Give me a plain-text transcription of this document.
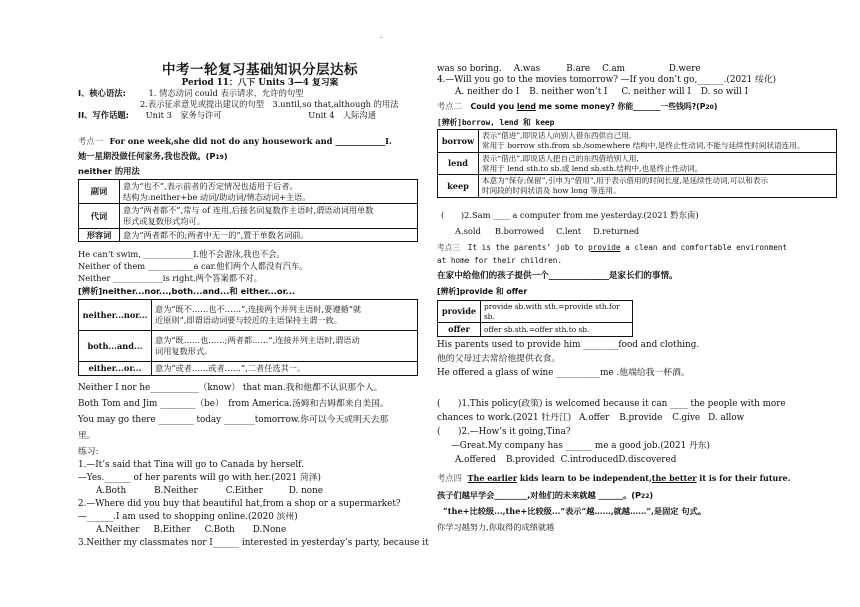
·
中考一轮复习基础知识分层达标
Period 11：八下 Units 3—4 复习案
I、核心语法:	1. 情态动词 could 表示请求、允许的句型
2.表示征求意见或提出建议的句型　3.until,so that,although 的用法
II、写作话题: Unit 3　家务与许可	Unit 4　人际沟通
考点一 For one week,she did not do any housework and ____________I.
她一星期没做任何家务,我也没做。(P19)
neither 的用法
副词	意为“也不”,表示前者的否定情况也适用于后者。
结构为:neither+be 动词/助动词/情态动词+主语。

代词	意为“两者都不”,常与 of 连用,后接名词复数作主语时,谓语动词用单数
形式或复数形式均可。

形容词	意为“两者都不的;两者中无一的”,置于单数名词前。
He can’t swim, ____________I.他不会游泳,我也不会。
Neither of them ___________a car.他们两个人都没有汽车。
Neither ____________is right.两个答案都不对。
[辨析]neither...nor...,both...and...和 either...or...
neither...nor...	意为“既不……也不……”,连接两个并列主语时,要遵循“就
近原则”,即谓语动词要与较近的主语保持主谓一致。

both...and...	意为“既……也……;两者都……”,连接并列主语时,谓语动
词用复数形式。

either...or...	意为“或者……或者……”,二者任选其一。
Neither I nor he___________（know） that man.我和他都不认识那个人。
Both Tom and Jim ________（be）　from America.汤姆和吉姆都来自美国。
You may go there ________ today _______tomorrow.你可以今天或明天去那
里。
练习:
1.—It’s said that Tina will go to Canada by herself.
—Yes.______ of her parents will go with her.(2021 菏泽)
A.Both	B.Neither	C.Either	D. none
2.—Where did you buy that beautiful hat,from a shop or a supermarket?
—______.I am used to shopping online.(2020 滨州)
A.Neither B.Either C.Both D.None
3.Neither my classmates nor I______ interested in yesterday’s party, because it
was so boring. A.was	B.are C.am	D.were
4.—Will you go to the movies tomorrow? —If you don’t go,______.(2021 绥化)
A. neither do I B. neither won’t I C. neither will I D. so will I
考点二 Could you lend me some money? 你能_______一些钱吗?(P20)
[辨析]borrow, lend 和 keep
borrow	表示“借进”,即说话人向别人借东西供自己用,
常用于 borrow sth.from sb./somewhere 结构中,是终止性动词,不能与延续性时间状语连用。

lend	表示“借出”,即说话人把自己的东西借给别人用,
常用于 lend sth.to sb.或 lend sb.sth.结构中,也是终止性动词。

keep	本意为“保存;保留”,引申为“借用”,用于表示借用的时间长度,是延续性动词,可以和表示
时间段的时间状语及 how long 等连用。
(　　)2.Sam ____ a computer from me yesterday.(2021 黔东南)
A.sold B.borrowed C.lent D.returned
考点三 It is the parents’ job to provide a clean and comfortable environment
at home for their children.
在家中给他们的孩子提供一个______________是家长们的事情。
[辨析]provide 和 offer
provide	provide sb.with sth.=provide sth.for sb.
offer	offer sb.sth.=offer sth.to sb.
His parents used to provide him ________food and clothing.
他的父母过去常给他提供衣食。
He offered a glass of wine __________me .他端给我一杯酒。
(　　)1.This policy(政策) is welcomed because it can ____ the people with more
chances to work.(2021 牡丹江) A.offer B.provide C.give D. allow
(　　)2.—How’s it going,Tina?
—Great.My company has ______ me a good job.(2021 丹东)
A.offered B.provided C.introducedD.discovered
考点四 The earlier kids learn to be independent,the better it is for their future.
孩子们越早学会________,对他们的未来就越 ______。(P22)
“the+比较级...,the+比较级...”表示“越……,就越……”,是固定 句式。
你学习越努力,你取得的成绩就越
